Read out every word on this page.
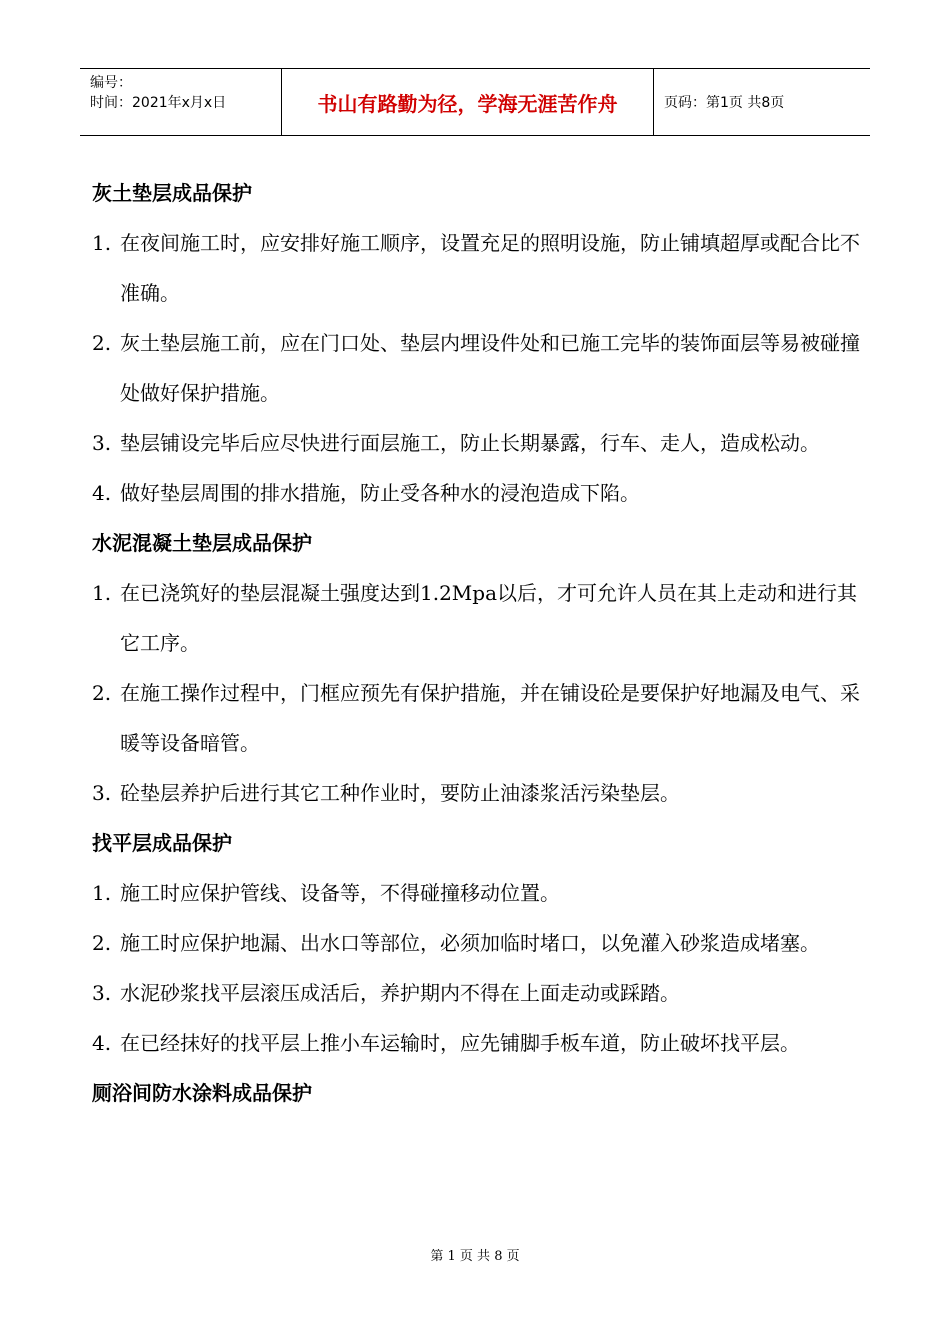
编号：
时间：2021年x月x日	书山有路勤为径，学海无涯苦作舟	页码：第1页 共8页
灰土垫层成品保护
1. 在夜间施工时，应安排好施工顺序，设置充足的照明设施，防止铺填超厚或配合比不准确。
2. 灰土垫层施工前，应在门口处、垫层内埋设件处和已施工完毕的装饰面层等易被碰撞处做好保护措施。
3. 垫层铺设完毕后应尽快进行面层施工，防止长期暴露，行车、走人，造成松动。
4. 做好垫层周围的排水措施，防止受各种水的浸泡造成下陷。
水泥混凝土垫层成品保护
1. 在已浇筑好的垫层混凝土强度达到1.2Mpa以后，才可允许人员在其上走动和进行其它工序。
2. 在施工操作过程中，门框应预先有保护措施，并在铺设砼是要保护好地漏及电气、采暖等设备暗管。
3. 砼垫层养护后进行其它工种作业时，要防止油漆浆活污染垫层。
找平层成品保护
1. 施工时应保护管线、设备等，不得碰撞移动位置。
2. 施工时应保护地漏、出水口等部位，必须加临时堵口，以免灌入砂浆造成堵塞。
3. 水泥砂浆找平层滚压成活后，养护期内不得在上面走动或踩踏。
4. 在已经抹好的找平层上推小车运输时，应先铺脚手板车道，防止破坏找平层。
厕浴间防水涂料成品保护
第 1 页 共 8 页
